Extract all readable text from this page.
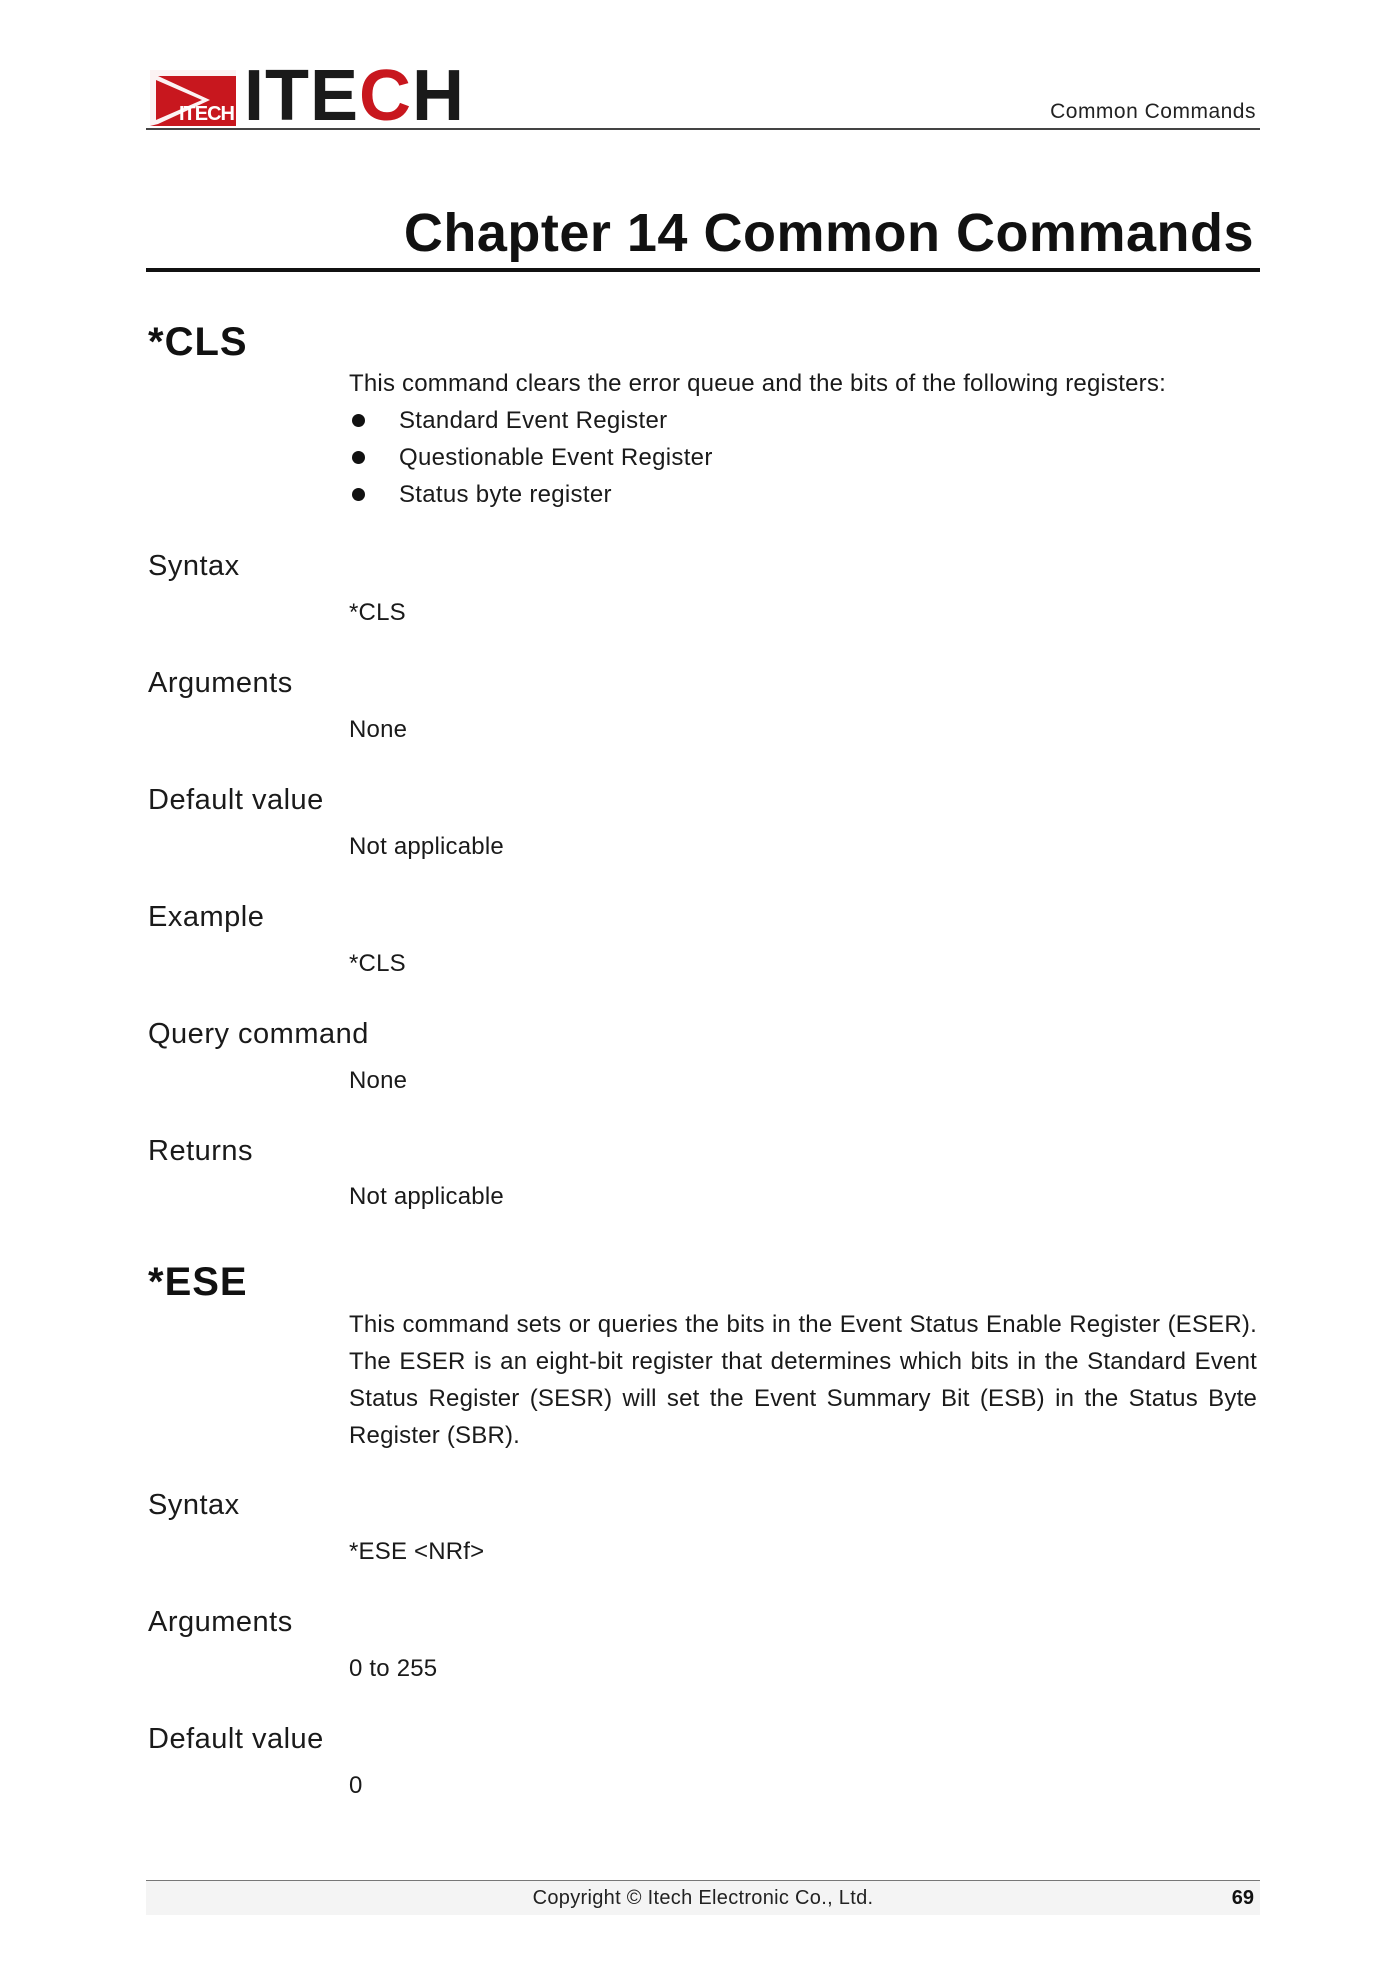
ITECH ITECH	Common Commands
Chapter 14 Common Commands
*CLS
This command clears the error queue and the bits of the following registers:
Standard Event Register
Questionable Event Register
Status byte register
Syntax
*CLS
Arguments
None
Default value
Not applicable
Example
*CLS
Query command
None
Returns
Not applicable
*ESE
This command sets or queries the bits in the Event Status Enable Register (ESER). The ESER is an eight-bit register that determines which bits in the Standard Event Status Register (SESR) will set the Event Summary Bit (ESB) in the Status Byte Register (SBR).
Syntax
*ESE <NRf>
Arguments
0 to 255
Default value
0
Copyright © Itech Electronic Co., Ltd.	69
